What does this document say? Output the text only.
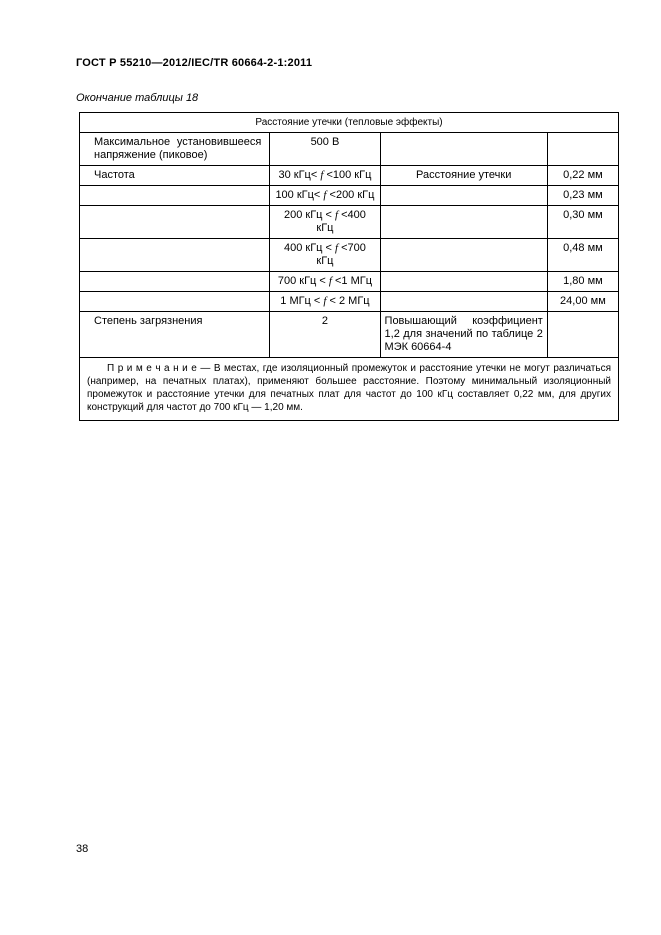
ГОСТ Р 55210—2012/IEC/TR 60664-2-1:2011
Окончание таблицы 18
Расстояние утечки (тепловые эффекты)			
Максимальное установившееся напряжение (пиковое)	500 В		
Частота	30 кГц< f <100 кГц	Расстояние утечки	0,22 мм
	100 кГц< f <200 кГц		0,23 мм
	200 кГц < f <400 кГц		0,30 мм
	400 кГц < f <700 кГц		0,48 мм
	700 кГц < f <1 МГц		1,80 мм
	1 МГц < f < 2 МГц		24,00 мм
Степень загрязнения	2	Повышающий коэффициент 1,2 для значений по таблице 2 МЭК 60664-4	
П р и м е ч а н и е — В местах, где изоляционный промежуток и расстояние утечки не могут различаться (например, на печатных платах), применяют большее расстояние. Поэтому минимальный изоляционный промежуток и расстояние утечки для печатных плат для частот до 100 кГц составляет 0,22 мм, для других конструкций для частот до 700 кГц — 1,20 мм.			
38
